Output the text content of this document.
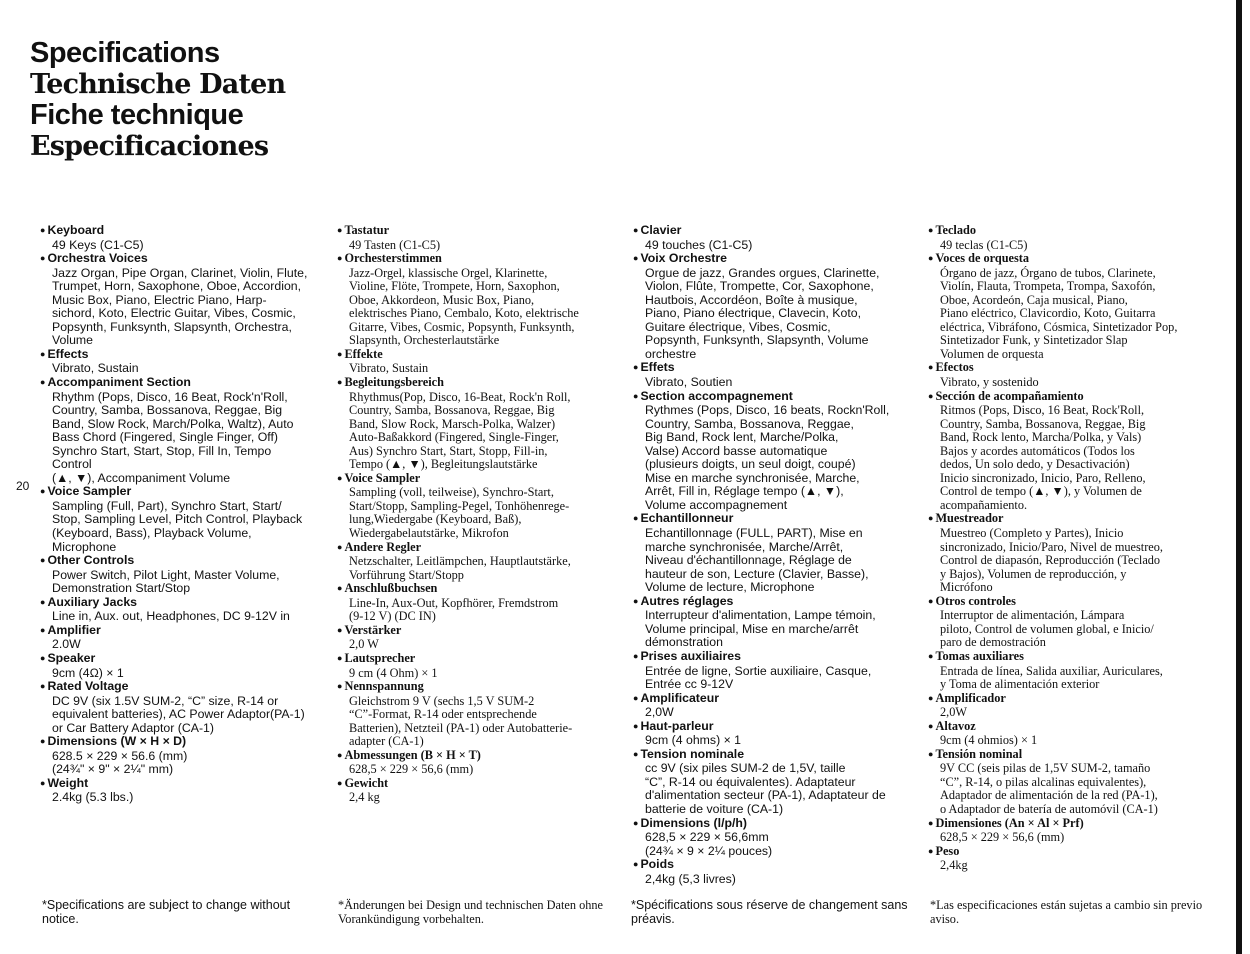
Specifications
Technische Daten
Fiche technique
Especificaciones
20
● Keyboard
49 Keys (C1-C5)
● Orchestra Voices
Jazz Organ, Pipe Organ, Clarinet, Violin, Flute,
Trumpet, Horn, Saxophone, Oboe, Accordion,
Music Box, Piano, Electric Piano, Harp-
sichord, Koto, Electric Guitar, Vibes, Cosmic,
Popsynth, Funksynth, Slapsynth, Orchestra,
Volume
● Effects
Vibrato, Sustain
● Accompaniment Section
Rhythm (Pops, Disco, 16 Beat, Rock'n'Roll,
Country, Samba, Bossanova, Reggae, Big
Band, Slow Rock, March/Polka, Waltz), Auto
Bass Chord (Fingered, Single Finger, Off)
Synchro Start, Start, Stop, Fill In, Tempo
Control
(▲, ▼), Accompaniment Volume
● Voice Sampler
Sampling (Full, Part), Synchro Start, Start/
Stop, Sampling Level, Pitch Control, Playback
(Keyboard, Bass), Playback Volume,
Microphone
● Other Controls
Power Switch, Pilot Light, Master Volume,
Demonstration Start/Stop
● Auxiliary Jacks
Line in, Aux. out, Headphones, DC 9-12V in
● Amplifier
2.0W
● Speaker
9cm (4Ω) × 1
● Rated Voltage
DC 9V (six 1.5V SUM-2, “C” size, R-14 or
equivalent batteries), AC Power Adaptor(PA-1)
or Car Battery Adaptor (CA-1)
● Dimensions (W × H × D)
628.5 × 229 × 56.6 (mm)
(24¾" × 9" × 2¼" mm)
● Weight
2.4kg (5.3 lbs.)
● Tastatur
49 Tasten (C1-C5)
● Orchesterstimmen
Jazz-Orgel, klassische Orgel, Klarinette,
Violine, Flöte, Trompete, Horn, Saxophon,
Oboe, Akkordeon, Music Box, Piano,
elektrisches Piano, Cembalo, Koto, elektrische
Gitarre, Vibes, Cosmic, Popsynth, Funksynth,
Slapsynth, Orchesterlautstärke
● Effekte
Vibrato, Sustain
● Begleitungsbereich
Rhythmus(Pop, Disco, 16-Beat, Rock'n Roll,
Country, Samba, Bossanova, Reggae, Big
Band, Slow Rock, Marsch-Polka, Walzer)
Auto-Baßakkord (Fingered, Single-Finger,
Aus) Synchro Start, Start, Stopp, Fill-in,
Tempo (▲, ▼), Begleitungslautstärke
● Voice Sampler
Sampling (voll, teilweise), Synchro-Start,
Start/Stopp, Sampling-Pegel, Tonhöhenrege-
lung,Wiedergabe (Keyboard, Baß),
Wiedergabelautstärke, Mikrofon
● Andere Regler
Netzschalter, Leitlämpchen, Hauptlautstärke,
Vorführung Start/Stopp
● Anschlußbuchsen
Line-In, Aux-Out, Kopfhörer, Fremdstrom
(9-12 V) (DC IN)
● Verstärker
2,0 W
● Lautsprecher
9 cm (4 Ohm) × 1
● Nennspannung
Gleichstrom 9 V (sechs 1,5 V SUM-2
“C”-Format, R-14 oder entsprechende
Batterien), Netzteil (PA-1) oder Autobatterie-
adapter (CA-1)
● Abmessungen (B × H × T)
628,5 × 229 × 56,6 (mm)
● Gewicht
2,4 kg
● Clavier
49 touches (C1-C5)
● Voix Orchestre
Orgue de jazz, Grandes orgues, Clarinette,
Violon, Flûte, Trompette, Cor, Saxophone,
Hautbois, Accordéon, Boîte à musique,
Piano, Piano électrique, Clavecin, Koto,
Guitare électrique, Vibes, Cosmic,
Popsynth, Funksynth, Slapsynth, Volume
orchestre
● Effets
Vibrato, Soutien
● Section accompagnement
Rythmes (Pops, Disco, 16 beats, Rockn'Roll,
Country, Samba, Bossanova, Reggae,
Big Band, Rock lent, Marche/Polka,
Valse) Accord basse automatique
(plusieurs doigts, un seul doigt, coupé)
Mise en marche synchronisée, Marche,
Arrêt, Fill in, Réglage tempo (▲, ▼),
Volume accompagnement
● Echantillonneur
Echantillonnage (FULL, PART), Mise en
marche synchronisée, Marche/Arrêt,
Niveau d'échantillonnage, Réglage de
hauteur de son, Lecture (Clavier, Basse),
Volume de lecture, Microphone
● Autres réglages
Interrupteur d'alimentation, Lampe témoin,
Volume principal, Mise en marche/arrêt
démonstration
● Prises auxiliaires
Entrée de ligne, Sortie auxiliaire, Casque,
Entrée cc 9-12V
● Amplificateur
2,0W
● Haut-parleur
9cm (4 ohms) × 1
● Tension nominale
cc 9V (six piles SUM-2 de 1,5V, taille
“C”, R-14 ou équivalentes). Adaptateur
d'alimentation secteur (PA-1), Adaptateur de
batterie de voiture (CA-1)
● Dimensions (l/p/h)
628,5 × 229 × 56,6mm
(24¾ × 9 × 2¼ pouces)
● Poids
2,4kg (5,3 livres)
● Teclado
49 teclas (C1-C5)
● Voces de orquesta
Órgano de jazz, Órgano de tubos, Clarinete,
Violín, Flauta, Trompeta, Trompa, Saxofón,
Oboe, Acordeón, Caja musical, Piano,
Piano eléctrico, Clavicordio, Koto, Guitarra
eléctrica, Vibráfono, Cósmica, Sintetizador Pop,
Sintetizador Funk, y Sintetizador Slap
Volumen de orquesta
● Efectos
Vibrato, y sostenido
● Sección de acompañamiento
Ritmos (Pops, Disco, 16 Beat, Rock'Roll,
Country, Samba, Bossanova, Reggae, Big
Band, Rock lento, Marcha/Polka, y Vals)
Bajos y acordes automáticos (Todos los
dedos, Un solo dedo, y Desactivación)
Inicio sincronizado, Inicio, Paro, Relleno,
Control de tempo (▲, ▼), y Volumen de
acompañamiento.
● Muestreador
Muestreo (Completo y Partes), Inicio
sincronizado, Inicio/Paro, Nivel de muestreo,
Control de diapasón, Reproducción (Teclado
y Bajos), Volumen de reproducción, y
Micrófono
● Otros controles
Interruptor de alimentación, Lámpara
piloto, Control de volumen global, e Inicio/
paro de demostración
● Tomas auxiliares
Entrada de línea, Salida auxiliar, Auriculares,
y Toma de alimentación exterior
● Amplificador
2,0W
● Altavoz
9cm (4 ohmios) × 1
● Tensión nominal
9V CC (seis pilas de 1,5V SUM-2, tamaño
“C”, R-14, o pilas alcalinas equivalentes),
Adaptador de alimentación de la red (PA-1),
o Adaptador de batería de automóvil (CA-1)
● Dimensiones (An × Al × Prf)
628,5 × 229 × 56,6 (mm)
● Peso
2,4kg
*Specifications are subject to change without notice.
*Änderungen bei Design und technischen Daten ohne Vorankündigung vorbehalten.
*Spécifications sous réserve de changement sans préavis.
*Las especificaciones están sujetas a cambio sin previo aviso.
